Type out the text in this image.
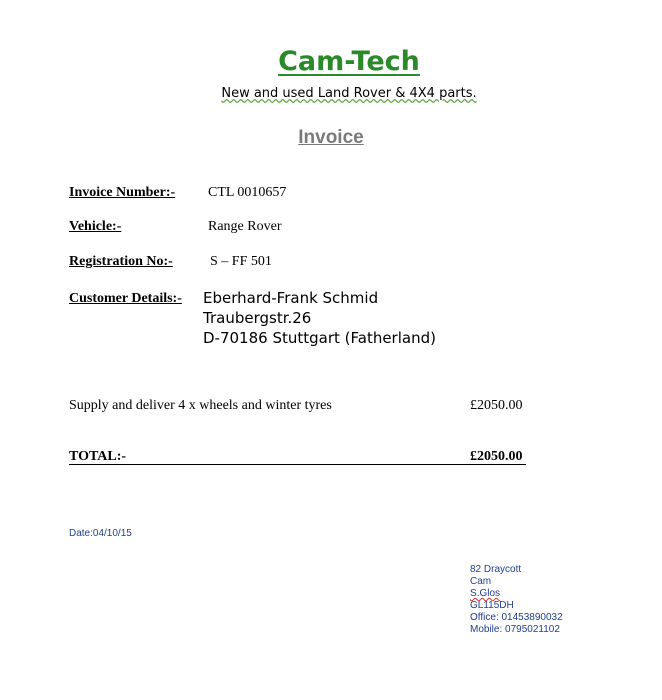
Cam-Tech
New and used Land Rover & 4X4 parts.
Invoice
Invoice Number:- CTL 0010657
Vehicle:-	Range Rover
Registration No:-	S – FF 501
Customer Details:- Eberhard-Frank Schmid
Traubergstr.26
D-70186 Stuttgart (Fatherland)
Supply and deliver 4 x wheels and winter tyres	£2050.00
TOTAL:-	£2050.00
Date:04/10/15
82 Draycott
Cam
S.Glos
GL115DH
Office: 01453890032
Mobile: 0795021102
